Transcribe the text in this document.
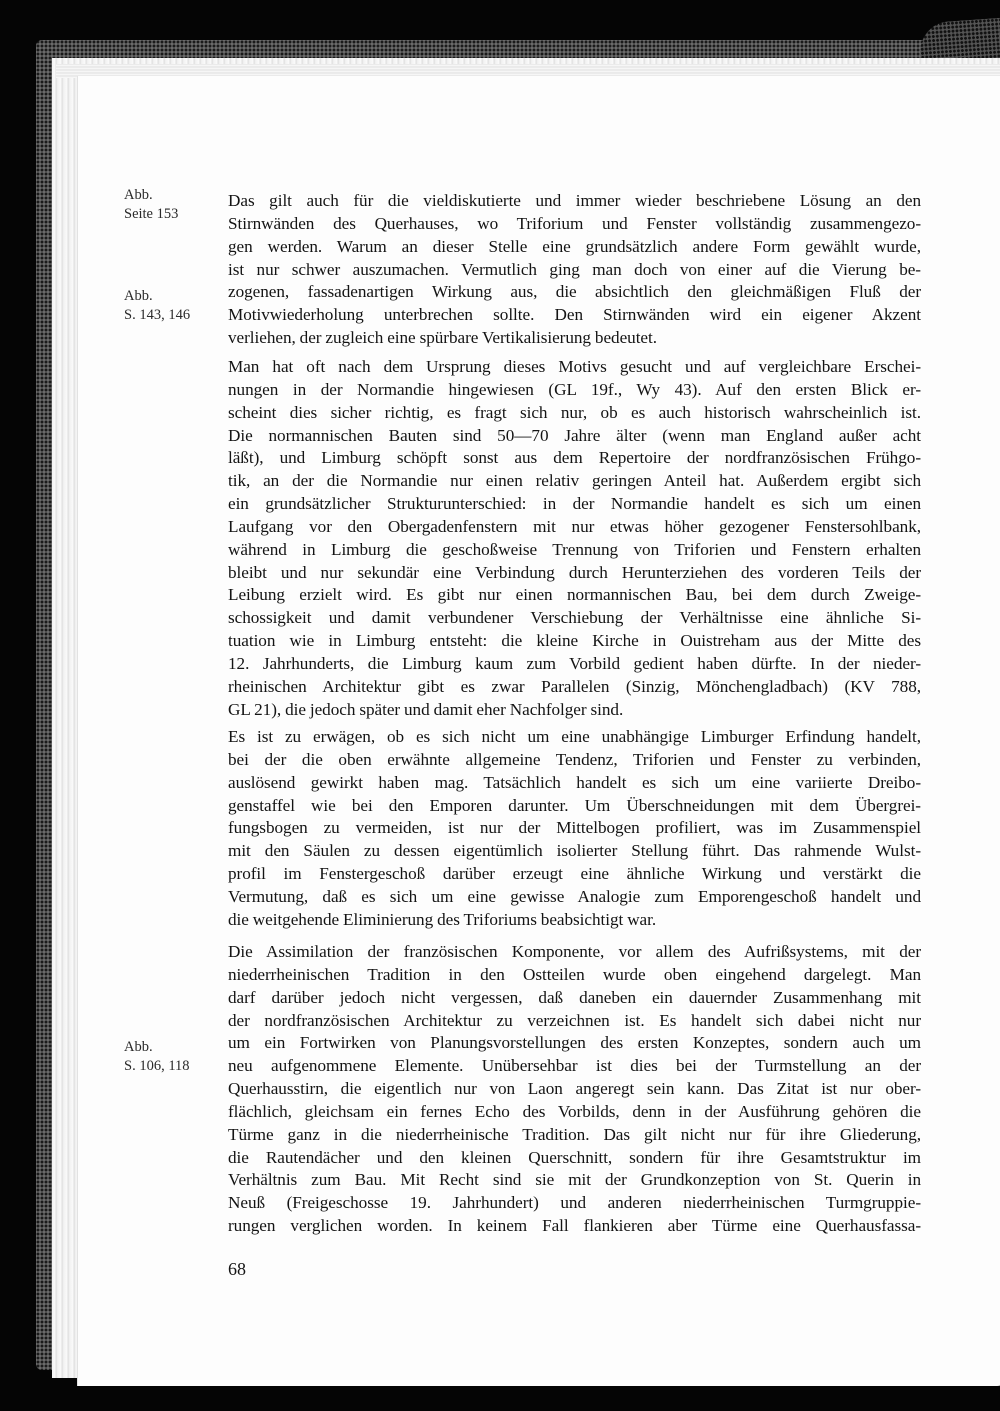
Abb.
Seite 153
Abb.
S. 143, 146
Abb.
S. 106, 118
Das gilt auch für die vieldiskutierte und immer wieder beschriebene Lösung an den
Stirnwänden des Querhauses, wo Triforium und Fenster vollständig zusammengezo-
gen werden. Warum an dieser Stelle eine grundsätzlich andere Form gewählt wurde,
ist nur schwer auszumachen. Vermutlich ging man doch von einer auf die Vierung be-
zogenen, fassadenartigen Wirkung aus, die absichtlich den gleichmäßigen Fluß der
Motivwiederholung unterbrechen sollte. Den Stirnwänden wird ein eigener Akzent
verliehen, der zugleich eine spürbare Vertikalisierung bedeutet.
Man hat oft nach dem Ursprung dieses Motivs gesucht und auf vergleichbare Erschei-
nungen in der Normandie hingewiesen (GL 19f., Wy 43). Auf den ersten Blick er-
scheint dies sicher richtig, es fragt sich nur, ob es auch historisch wahrscheinlich ist.
Die normannischen Bauten sind 50—70 Jahre älter (wenn man England außer acht
läßt), und Limburg schöpft sonst aus dem Repertoire der nordfranzösischen Frühgo-
tik, an der die Normandie nur einen relativ geringen Anteil hat. Außerdem ergibt sich
ein grundsätzlicher Strukturunterschied: in der Normandie handelt es sich um einen
Laufgang vor den Obergadenfenstern mit nur etwas höher gezogener Fenstersohlbank,
während in Limburg die geschoßweise Trennung von Triforien und Fenstern erhalten
bleibt und nur sekundär eine Verbindung durch Herunterziehen des vorderen Teils der
Leibung erzielt wird. Es gibt nur einen normannischen Bau, bei dem durch Zweige-
schossigkeit und damit verbundener Verschiebung der Verhältnisse eine ähnliche Si-
tuation wie in Limburg entsteht: die kleine Kirche in Ouistreham aus der Mitte des
12. Jahrhunderts, die Limburg kaum zum Vorbild gedient haben dürfte. In der nieder-
rheinischen Architektur gibt es zwar Parallelen (Sinzig, Mönchengladbach) (KV 788,
GL 21), die jedoch später und damit eher Nachfolger sind.
Es ist zu erwägen, ob es sich nicht um eine unabhängige Limburger Erfindung handelt,
bei der die oben erwähnte allgemeine Tendenz, Triforien und Fenster zu verbinden,
auslösend gewirkt haben mag. Tatsächlich handelt es sich um eine variierte Dreibo-
genstaffel wie bei den Emporen darunter. Um Überschneidungen mit dem Übergrei-
fungsbogen zu vermeiden, ist nur der Mittelbogen profiliert, was im Zusammenspiel
mit den Säulen zu dessen eigentümlich isolierter Stellung führt. Das rahmende Wulst-
profil im Fenstergeschoß darüber erzeugt eine ähnliche Wirkung und verstärkt die
Vermutung, daß es sich um eine gewisse Analogie zum Emporengeschoß handelt und
die weitgehende Eliminierung des Triforiums beabsichtigt war.
Die Assimilation der französischen Komponente, vor allem des Aufrißsystems, mit der
niederrheinischen Tradition in den Ostteilen wurde oben eingehend dargelegt. Man
darf darüber jedoch nicht vergessen, daß daneben ein dauernder Zusammenhang mit
der nordfranzösischen Architektur zu verzeichnen ist. Es handelt sich dabei nicht nur
um ein Fortwirken von Planungsvorstellungen des ersten Konzeptes, sondern auch um
neu aufgenommene Elemente. Unübersehbar ist dies bei der Turmstellung an der
Querhausstirn, die eigentlich nur von Laon angeregt sein kann. Das Zitat ist nur ober-
flächlich, gleichsam ein fernes Echo des Vorbilds, denn in der Ausführung gehören die
Türme ganz in die niederrheinische Tradition. Das gilt nicht nur für ihre Gliederung,
die Rautendächer und den kleinen Querschnitt, sondern für ihre Gesamtstruktur im
Verhältnis zum Bau. Mit Recht sind sie mit der Grundkonzeption von St. Querin in
Neuß (Freigeschosse 19. Jahrhundert) und anderen niederrheinischen Turmgruppie-
rungen verglichen worden. In keinem Fall flankieren aber Türme eine Querhausfassa-
68
